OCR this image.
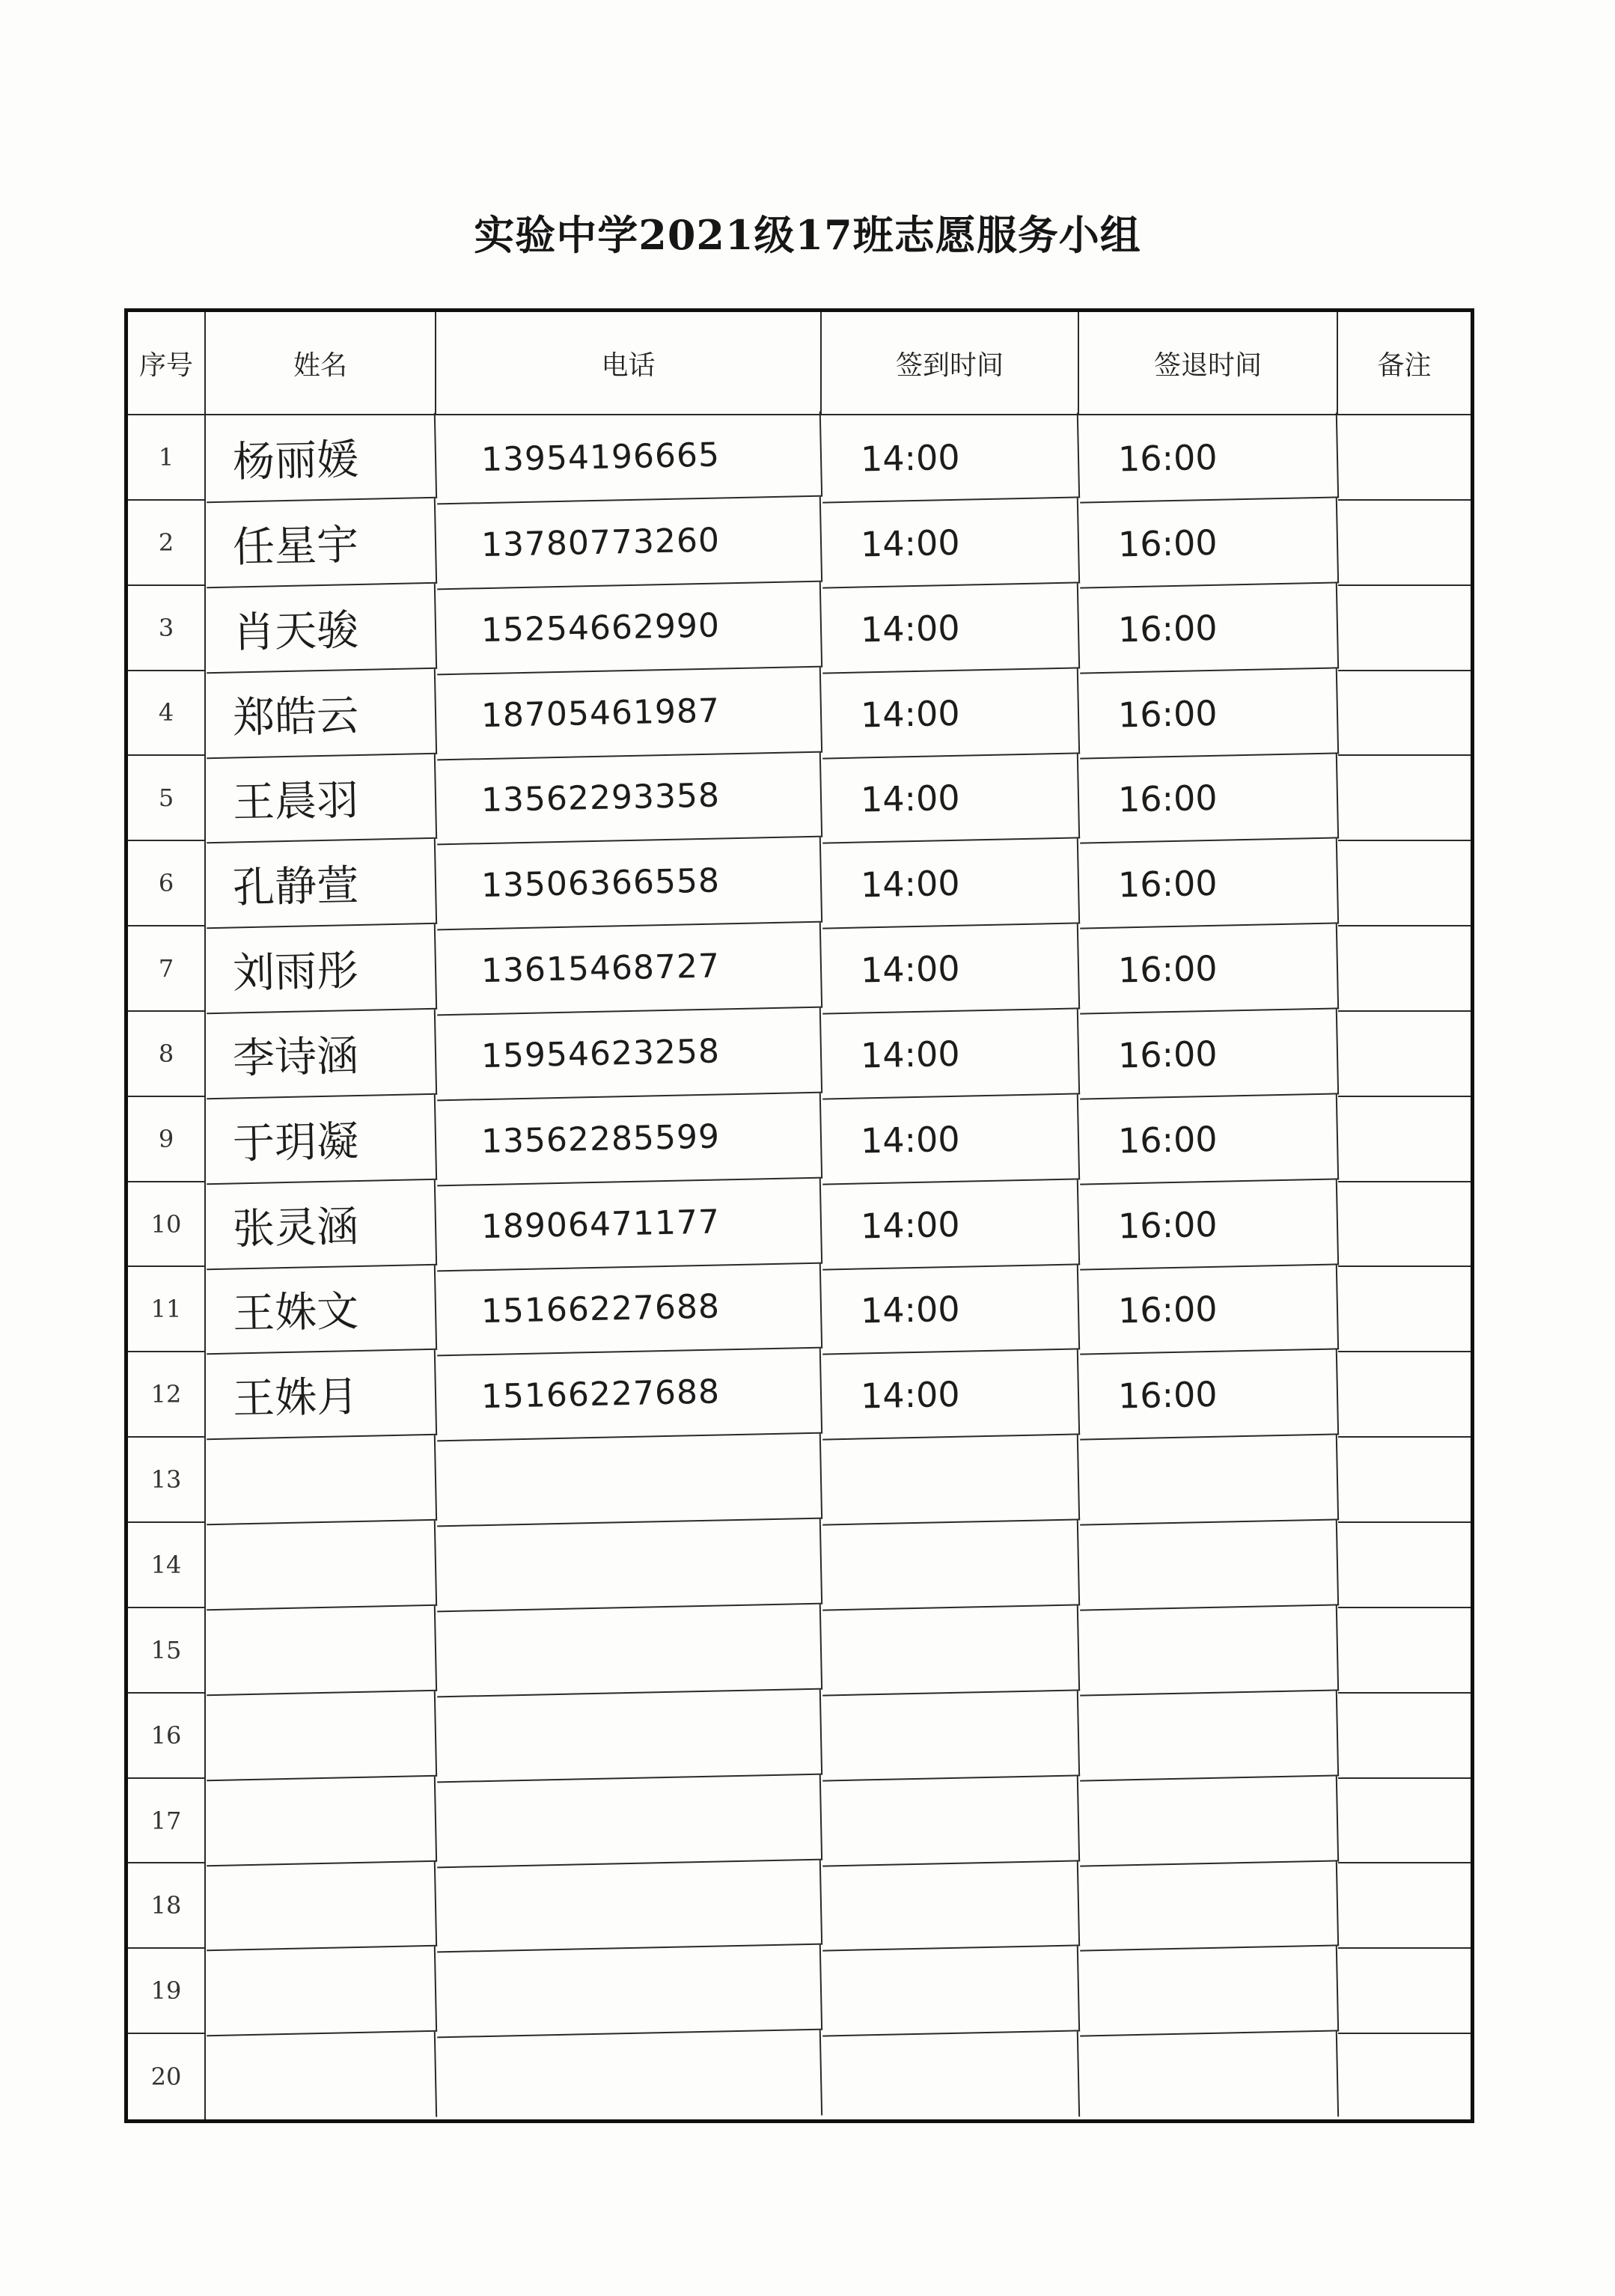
实验中学2021级17班志愿服务小组
序号	姓名	电话	签到时间	签退时间	备注
1	杨丽媛	13954196665	14:00	16:00
2	任星宇	13780773260	14:00	16:00
3	肖天骏	15254662990	14:00	16:00
4	郑皓云	18705461987	14:00	16:00
5	王晨羽	13562293358	14:00	16:00
6	孔静萱	13506366558	14:00	16:00
7	刘雨彤	13615468727	14:00	16:00
8	李诗涵	15954623258	14:00	16:00
9	于玥凝	13562285599	14:00	16:00
10	张灵涵	18906471177	14:00	16:00
11	王姝文	15166227688	14:00	16:00
12	王姝月	15166227688	14:00	16:00
13
14
15
16
17
18
19
20
